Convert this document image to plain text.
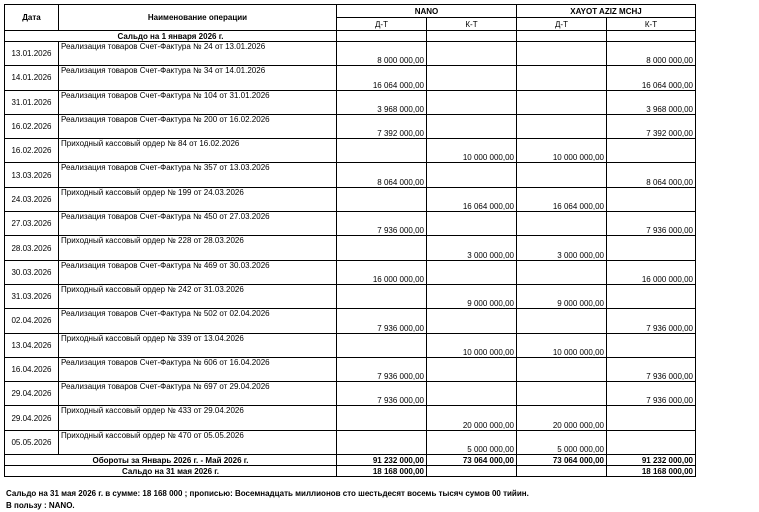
Дата	Наименование операции	NANO		XAYOT AZIZ MCHJ	
		Д-Т	К-Т	Д-Т	К-Т
Сальдо на 1 января 2026 г.					
13.01.2026	Реализация товаров Счет-Фактура № 24 от 13.01.2026	8 000 000,00			8 000 000,00
14.01.2026	Реализация товаров Счет-Фактура № 34 от 14.01.2026	16 064 000,00			16 064 000,00
31.01.2026	Реализация товаров Счет-Фактура № 104 от 31.01.2026	3 968 000,00			3 968 000,00
16.02.2026	Реализация товаров Счет-Фактура № 200 от 16.02.2026	7 392 000,00			7 392 000,00
16.02.2026	Приходный кассовый ордер № 84 от 16.02.2026		10 000 000,00	10 000 000,00	
13.03.2026	Реализация товаров Счет-Фактура № 357 от 13.03.2026	8 064 000,00			8 064 000,00
24.03.2026	Приходный кассовый ордер № 199 от 24.03.2026		16 064 000,00	16 064 000,00	
27.03.2026	Реализация товаров Счет-Фактура № 450 от 27.03.2026	7 936 000,00			7 936 000,00
28.03.2026	Приходный кассовый ордер № 228 от 28.03.2026		3 000 000,00	3 000 000,00	
30.03.2026	Реализация товаров Счет-Фактура № 469 от 30.03.2026	16 000 000,00			16 000 000,00
31.03.2026	Приходный кассовый ордер № 242 от 31.03.2026		9 000 000,00	9 000 000,00	
02.04.2026	Реализация товаров Счет-Фактура № 502 от 02.04.2026	7 936 000,00			7 936 000,00
13.04.2026	Приходный кассовый ордер № 339 от 13.04.2026		10 000 000,00	10 000 000,00	
16.04.2026	Реализация товаров Счет-Фактура № 606 от 16.04.2026	7 936 000,00			7 936 000,00
29.04.2026	Реализация товаров Счет-Фактура № 697 от 29.04.2026	7 936 000,00			7 936 000,00
29.04.2026	Приходный кассовый ордер № 433 от 29.04.2026		20 000 000,00	20 000 000,00	
05.05.2026	Приходный кассовый ордер № 470 от 05.05.2026		5 000 000,00	5 000 000,00	
Обороты за Январь 2026 г. - Май 2026 г.		91 232 000,00	73 064 000,00	73 064 000,00	91 232 000,00
Сальдо на 31 мая 2026 г.		18 168 000,00			18 168 000,00
Сальдо на 31 мая 2026 г. в сумме: 18 168 000 ; прописью: Восемнадцать миллионов сто шестьдесят восемь тысяч сумов 00 тийин.
В пользу : NANO.
